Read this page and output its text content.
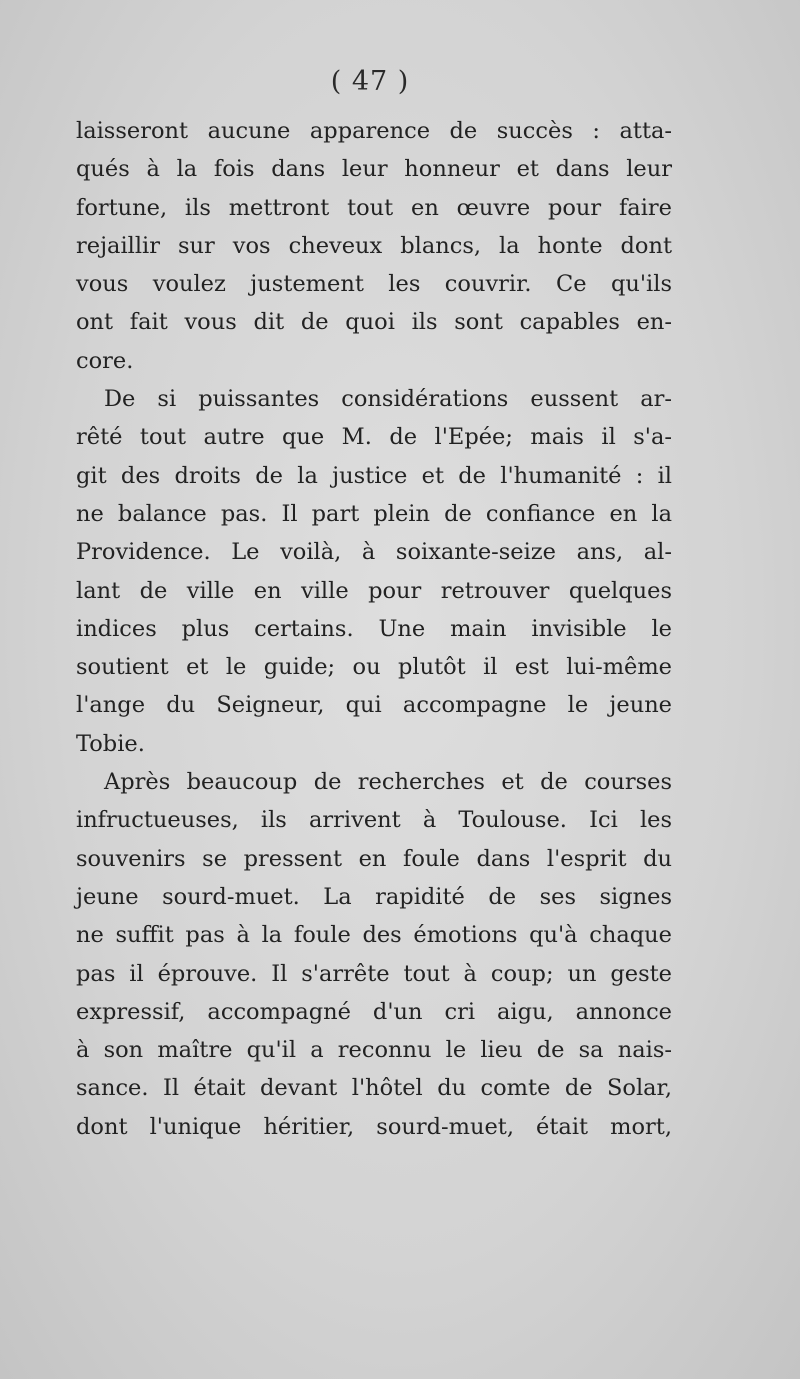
( 47 )
laisseront aucune apparence de succès : atta-
qués à la fois dans leur honneur et dans leur
fortune, ils mettront tout en œuvre pour faire
rejaillir sur vos cheveux blancs, la honte dont
vous voulez justement les couvrir. Ce qu'ils
ont fait vous dit de quoi ils sont capables en-
core.
De si puissantes considérations eussent ar-
rêté tout autre que M. de l'Epée; mais il s'a-
git des droits de la justice et de l'humanité : il
ne balance pas. Il part plein de confiance en la
Providence. Le voilà, à soixante-seize ans, al-
lant de ville en ville pour retrouver quelques
indices plus certains. Une main invisible le
soutient et le guide; ou plutôt il est lui-même
l'ange du Seigneur, qui accompagne le jeune
Tobie.
Après beaucoup de recherches et de courses
infructueuses, ils arrivent à Toulouse. Ici les
souvenirs se pressent en foule dans l'esprit du
jeune sourd-muet. La rapidité de ses signes
ne suffit pas à la foule des émotions qu'à chaque
pas il éprouve. Il s'arrête tout à coup; un geste
expressif, accompagné d'un cri aigu, annonce
à son maître qu'il a reconnu le lieu de sa nais-
sance. Il était devant l'hôtel du comte de Solar,
dont l'unique héritier, sourd-muet, était mort,
